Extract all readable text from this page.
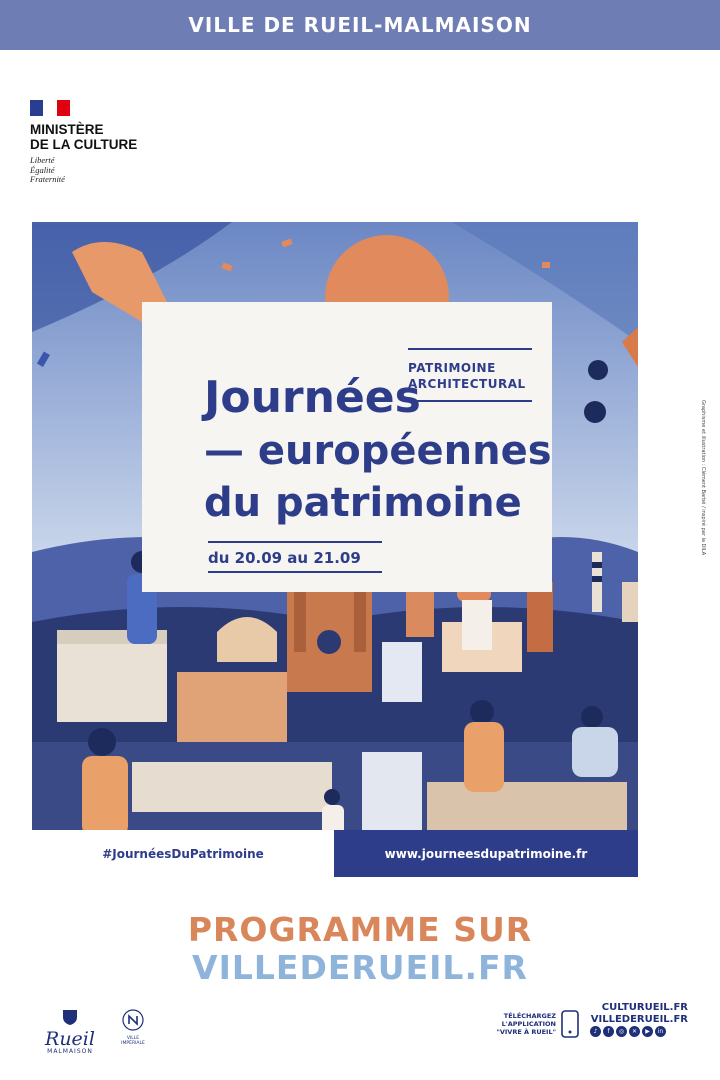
VILLE DE RUEIL-MALMAISON
MINISTÈRE
DE LA CULTURE
Liberté
Égalité
Fraternité
PATRIMOINE
ARCHITECTURAL
Journées
— européennes
du patrimoine
du 20.09 au 21.09
#JournéesDuPatrimoine	www.journeesdupatrimoine.fr
Graphisme et illustration : Clément Barbé / inspiré par la DILA
PROGRAMME SUR
VILLEDERUEIL.FR
Rueil
MALMAISON
VILLE
IMPÉRIALE
TÉLÉCHARGEZ
L'APPLICATION
"VIVRE À RUEIL"
CULTURUEIL.FR
VILLEDERUEIL.FR
♪	f	◎	✕	▶	in
